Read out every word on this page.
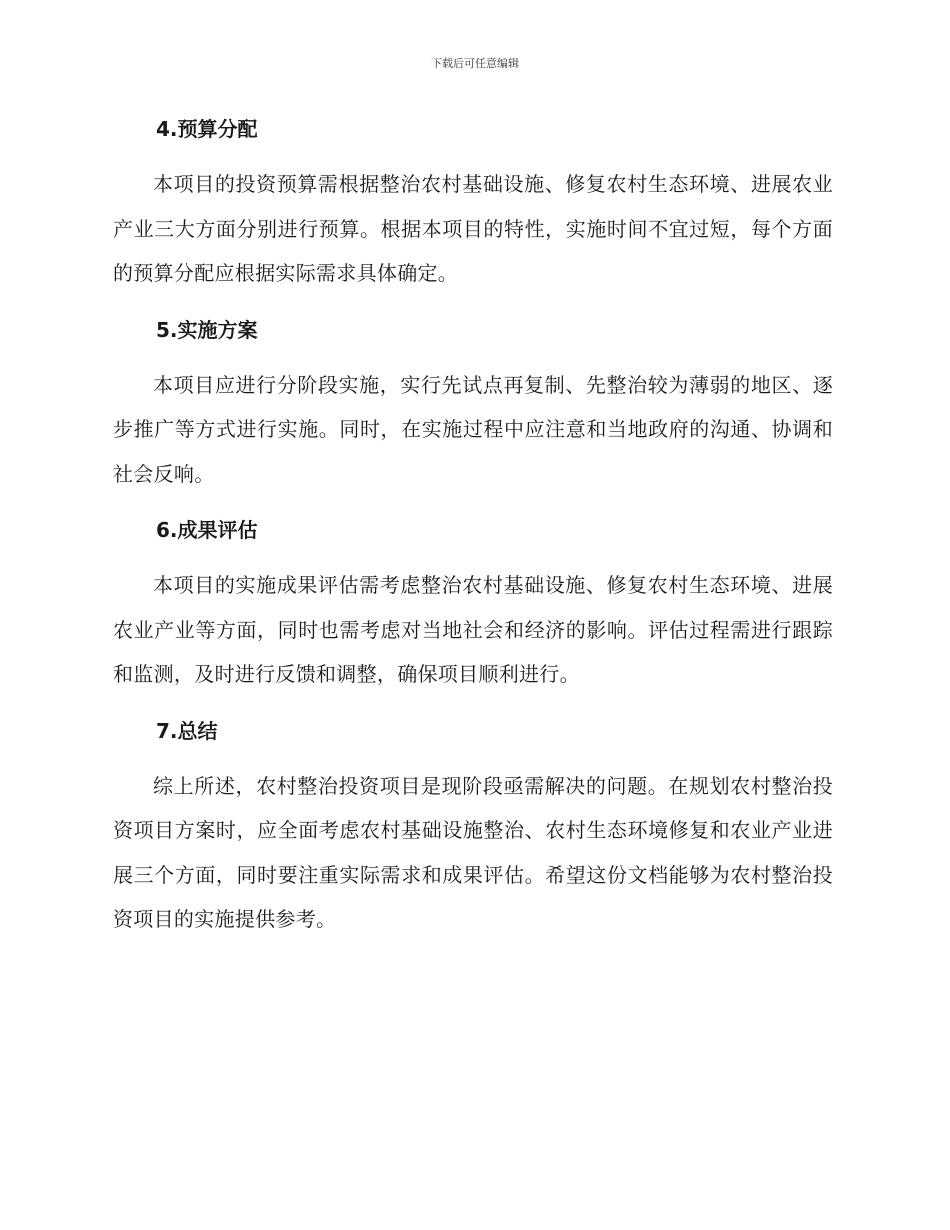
下载后可任意编辑
4.预算分配

本项目的投资预算需根据整治农村基础设施、修复农村生态环境、进展农业产业三大方面分别进行预算。根据本项目的特性，实施时间不宜过短，每个方面的预算分配应根据实际需求具体确定。

5.实施方案

本项目应进行分阶段实施，实行先试点再复制、先整治较为薄弱的地区、逐步推广等方式进行实施。同时，在实施过程中应注意和当地政府的沟通、协调和社会反响。

6.成果评估

本项目的实施成果评估需考虑整治农村基础设施、修复农村生态环境、进展农业产业等方面，同时也需考虑对当地社会和经济的影响。评估过程需进行跟踪和监测，及时进行反馈和调整，确保项目顺利进行。

7.总结

综上所述，农村整治投资项目是现阶段亟需解决的问题。在规划农村整治投资项目方案时，应全面考虑农村基础设施整治、农村生态环境修复和农业产业进展三个方面，同时要注重实际需求和成果评估。希望这份文档能够为农村整治投资项目的实施提供参考。
